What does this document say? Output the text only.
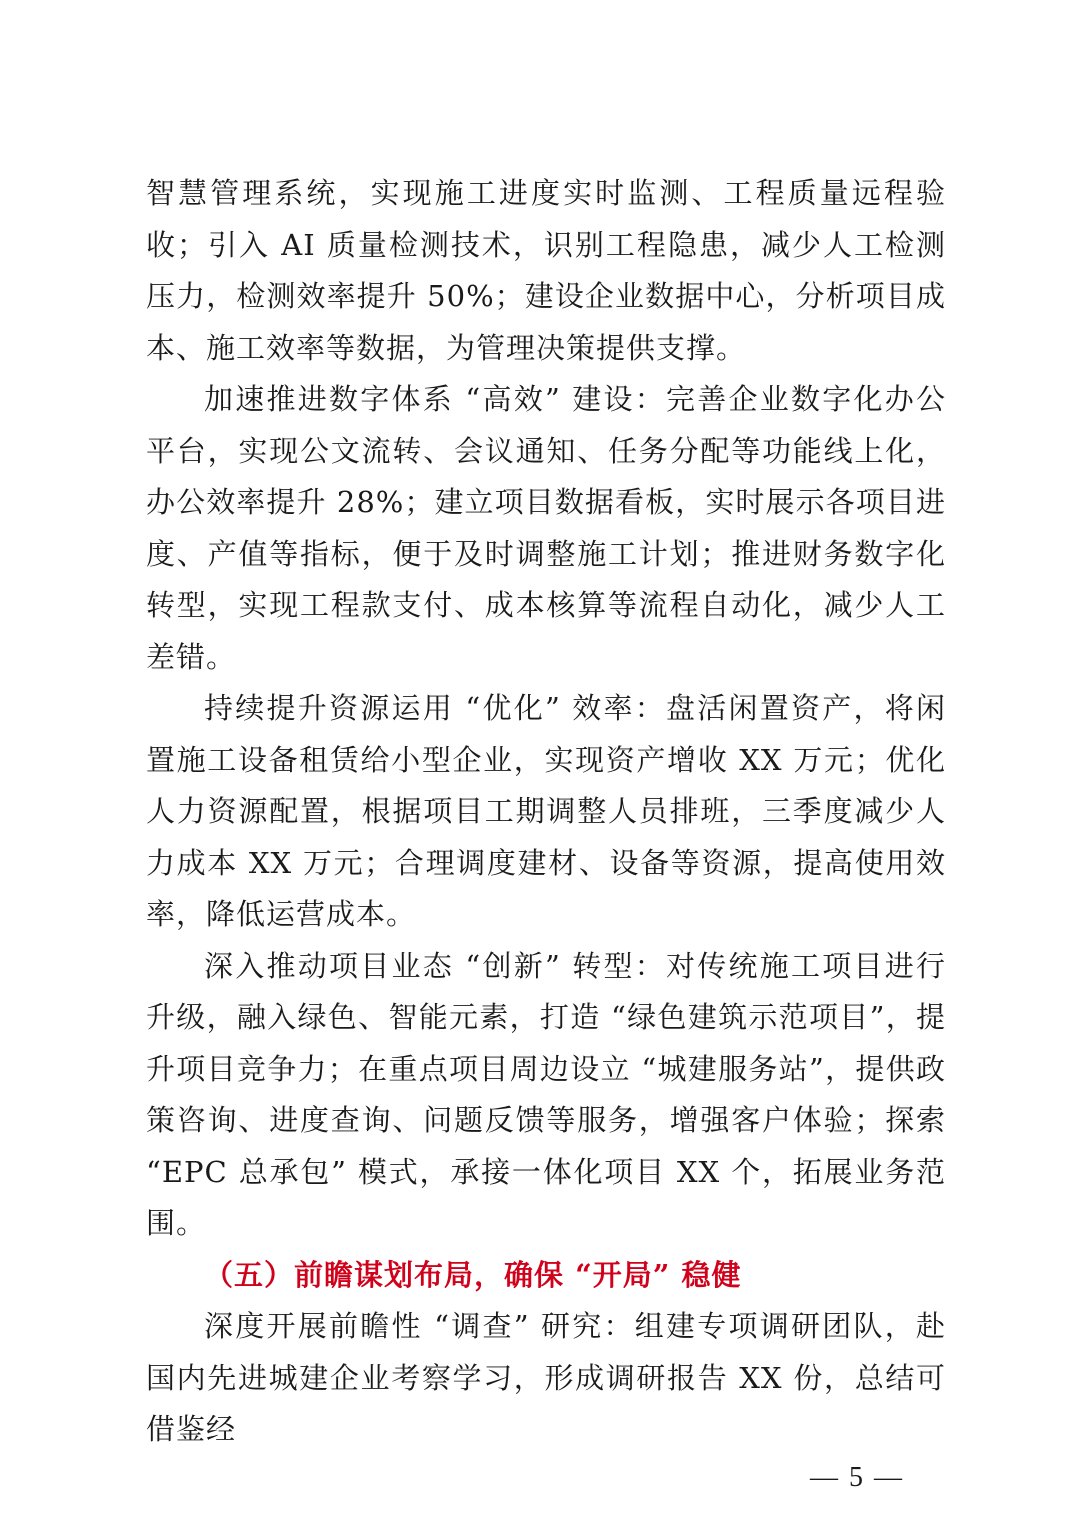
智慧管理系统，实现施工进度实时监测、工程质量远程验收；引入 AI 质量检测技术，识别工程隐患，减少人工检测压力，检测效率提升 50%；建设企业数据中心，分析项目成本、施工效率等数据，为管理决策提供支撑。

加速推进数字体系 “高效” 建设：完善企业数字化办公平台，实现公文流转、会议通知、任务分配等功能线上化，办公效率提升 28%；建立项目数据看板，实时展示各项目进度、产值等指标，便于及时调整施工计划；推进财务数字化转型，实现工程款支付、成本核算等流程自动化，减少人工差错。

持续提升资源运用 “优化” 效率：盘活闲置资产，将闲置施工设备租赁给小型企业，实现资产增收 XX 万元；优化人力资源配置，根据项目工期调整人员排班，三季度减少人力成本 XX 万元；合理调度建材、设备等资源，提高使用效率，降低运营成本。

深入推动项目业态 “创新” 转型：对传统施工项目进行升级，融入绿色、智能元素，打造 “绿色建筑示范项目”，提升项目竞争力；在重点项目周边设立 “城建服务站”，提供政策咨询、进度查询、问题反馈等服务，增强客户体验；探索 “EPC 总承包” 模式，承接一体化项目 XX 个，拓展业务范围。

（五）前瞻谋划布局，确保 “开局” 稳健

深度开展前瞻性 “调查” 研究：组建专项调研团队，赴国内先进城建企业考察学习，形成调研报告 XX 份，总结可借鉴经

— 5 —
